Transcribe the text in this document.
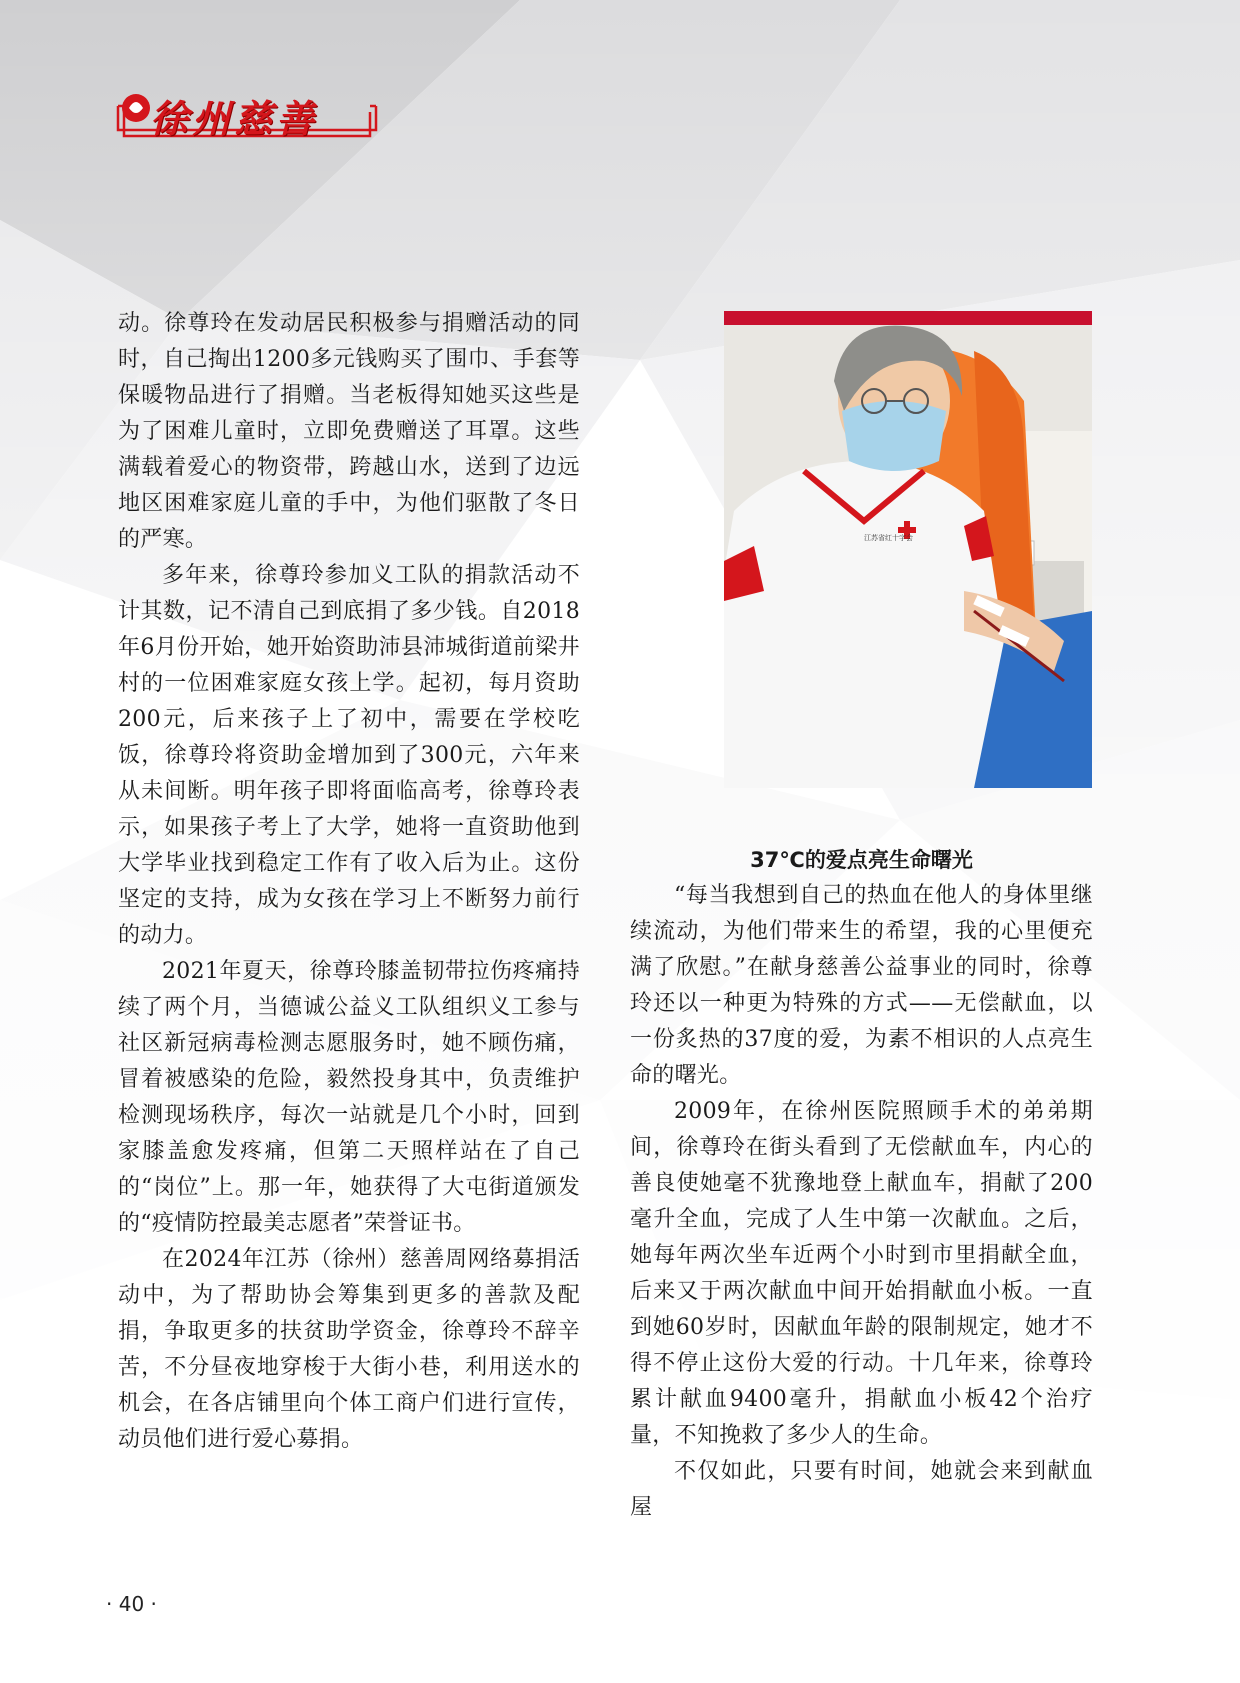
徐州慈善

动。徐尊玲在发动居民积极参与捐赠活动的同时，自己掏出1200多元钱购买了围巾、手套等保暖物品进行了捐赠。当老板得知她买这些是为了困难儿童时，立即免费赠送了耳罩。这些满载着爱心的物资带，跨越山水，送到了边远地区困难家庭儿童的手中，为他们驱散了冬日的严寒。

多年来，徐尊玲参加义工队的捐款活动不计其数，记不清自己到底捐了多少钱。自2018年6月份开始，她开始资助沛县沛城街道前梁井村的一位困难家庭女孩上学。起初，每月资助200元，后来孩子上了初中，需要在学校吃饭，徐尊玲将资助金增加到了300元，六年来从未间断。明年孩子即将面临高考，徐尊玲表示，如果孩子考上了大学，她将一直资助他到大学毕业找到稳定工作有了收入后为止。这份坚定的支持，成为女孩在学习上不断努力前行的动力。

2021年夏天，徐尊玲膝盖韧带拉伤疼痛持续了两个月，当德诚公益义工队组织义工参与社区新冠病毒检测志愿服务时，她不顾伤痛，冒着被感染的危险，毅然投身其中，负责维护检测现场秩序，每次一站就是几个小时，回到家膝盖愈发疼痛，但第二天照样站在了自己的“岗位”上。那一年，她获得了大屯街道颁发的“疫情防控最美志愿者”荣誉证书。

在2024年江苏（徐州）慈善周网络募捐活动中，为了帮助协会筹集到更多的善款及配捐，争取更多的扶贫助学资金，徐尊玲不辞辛苦，不分昼夜地穿梭于大街小巷，利用送水的机会，在各店铺里向个体工商户们进行宣传，动员他们进行爱心募捐。

江苏省红十字会
37℃的爱点亮生命曙光

“每当我想到自己的热血在他人的身体里继续流动，为他们带来生的希望，我的心里便充满了欣慰。”在献身慈善公益事业的同时，徐尊玲还以一种更为特殊的方式——无偿献血，以一份炙热的37度的爱，为素不相识的人点亮生命的曙光。

2009年，在徐州医院照顾手术的弟弟期间，徐尊玲在街头看到了无偿献血车，内心的善良使她毫不犹豫地登上献血车，捐献了200毫升全血，完成了人生中第一次献血。之后，她每年两次坐车近两个小时到市里捐献全血，后来又于两次献血中间开始捐献血小板。一直到她60岁时，因献血年龄的限制规定，她才不得不停止这份大爱的行动。十几年来，徐尊玲累计献血9400毫升，捐献血小板42个治疗量，不知挽救了多少人的生命。

不仅如此，只要有时间，她就会来到献血屋

· 40 ·
